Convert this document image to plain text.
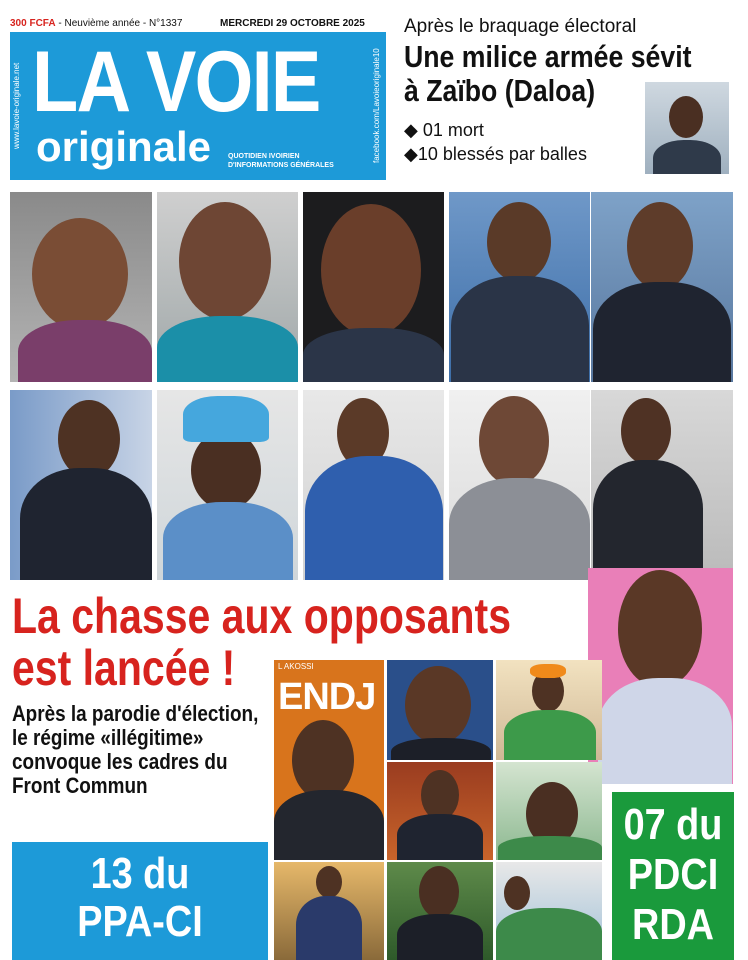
300 FCFA - Neuvième année - N°1337	MERCREDI 29 OCTOBRE 2025
www.lavoie-originale.net	facebook.com/Lavoieoriginale10
LA VOIE
originale QUOTIDIEN IVOIRIEN D'INFORMATIONS GÉNÉRALES
Après le braquage électoral
Une milice armée sévit
à Zaïbo (Daloa)
◆ 01 mort
◆10 blessés par balles
La chasse aux opposants
est lancée !
Après la parodie d'élection, le régime «illégitime» convoque les cadres du Front Commun
L AKOSSI
ENDJ
13 du
PPA-CI
07 du
PDCI
RDA
